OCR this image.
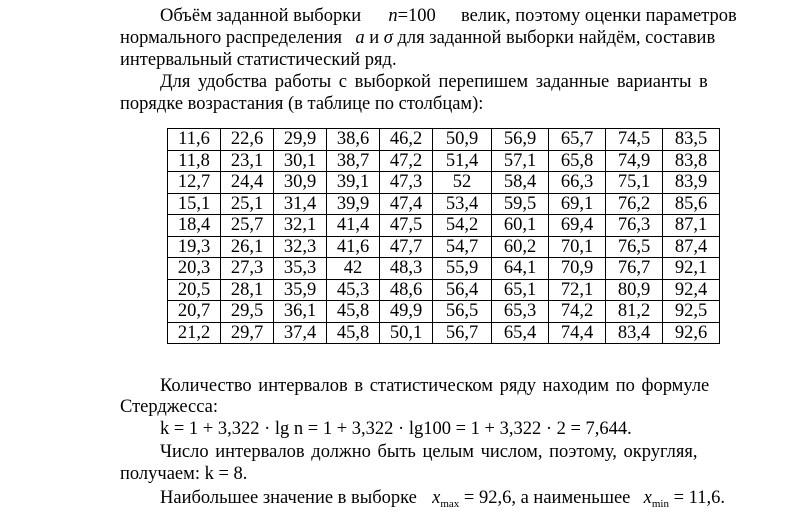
Объём заданной выборки n=100 велик, поэтому оценки параметров
нормального распределения a и σ для заданной выборки найдём, составив
интервальный статистический ряд.
Для удобства работы с выборкой перепишем заданные варианты в
порядке возрастания (в таблице по столбцам):
11,6	22,6	29,9	38,6	46,2	50,9	56,9	65,7	74,5	83,5
11,8	23,1	30,1	38,7	47,2	51,4	57,1	65,8	74,9	83,8
12,7	24,4	30,9	39,1	47,3	52	58,4	66,3	75,1	83,9
15,1	25,1	31,4	39,9	47,4	53,4	59,5	69,1	76,2	85,6
18,4	25,7	32,1	41,4	47,5	54,2	60,1	69,4	76,3	87,1
19,3	26,1	32,3	41,6	47,7	54,7	60,2	70,1	76,5	87,4
20,3	27,3	35,3	42	48,3	55,9	64,1	70,9	76,7	92,1
20,5	28,1	35,9	45,3	48,6	56,4	65,1	72,1	80,9	92,4
20,7	29,5	36,1	45,8	49,9	56,5	65,3	74,2	81,2	92,5
21,2	29,7	37,4	45,8	50,1	56,7	65,4	74,4	83,4	92,6
Количество интервалов в статистическом ряду находим по формуле
Стерджесса:
k = 1 + 3,322 · lg n = 1 + 3,322 · lg100 = 1 + 3,322 · 2 = 7,644.
Число интервалов должно быть целым числом, поэтому, округляя,
получаем: k = 8.
Наибольшее значение в выборке $x_{max} = 92,6$, а наименьшее $x_{min} = 11,6$.
